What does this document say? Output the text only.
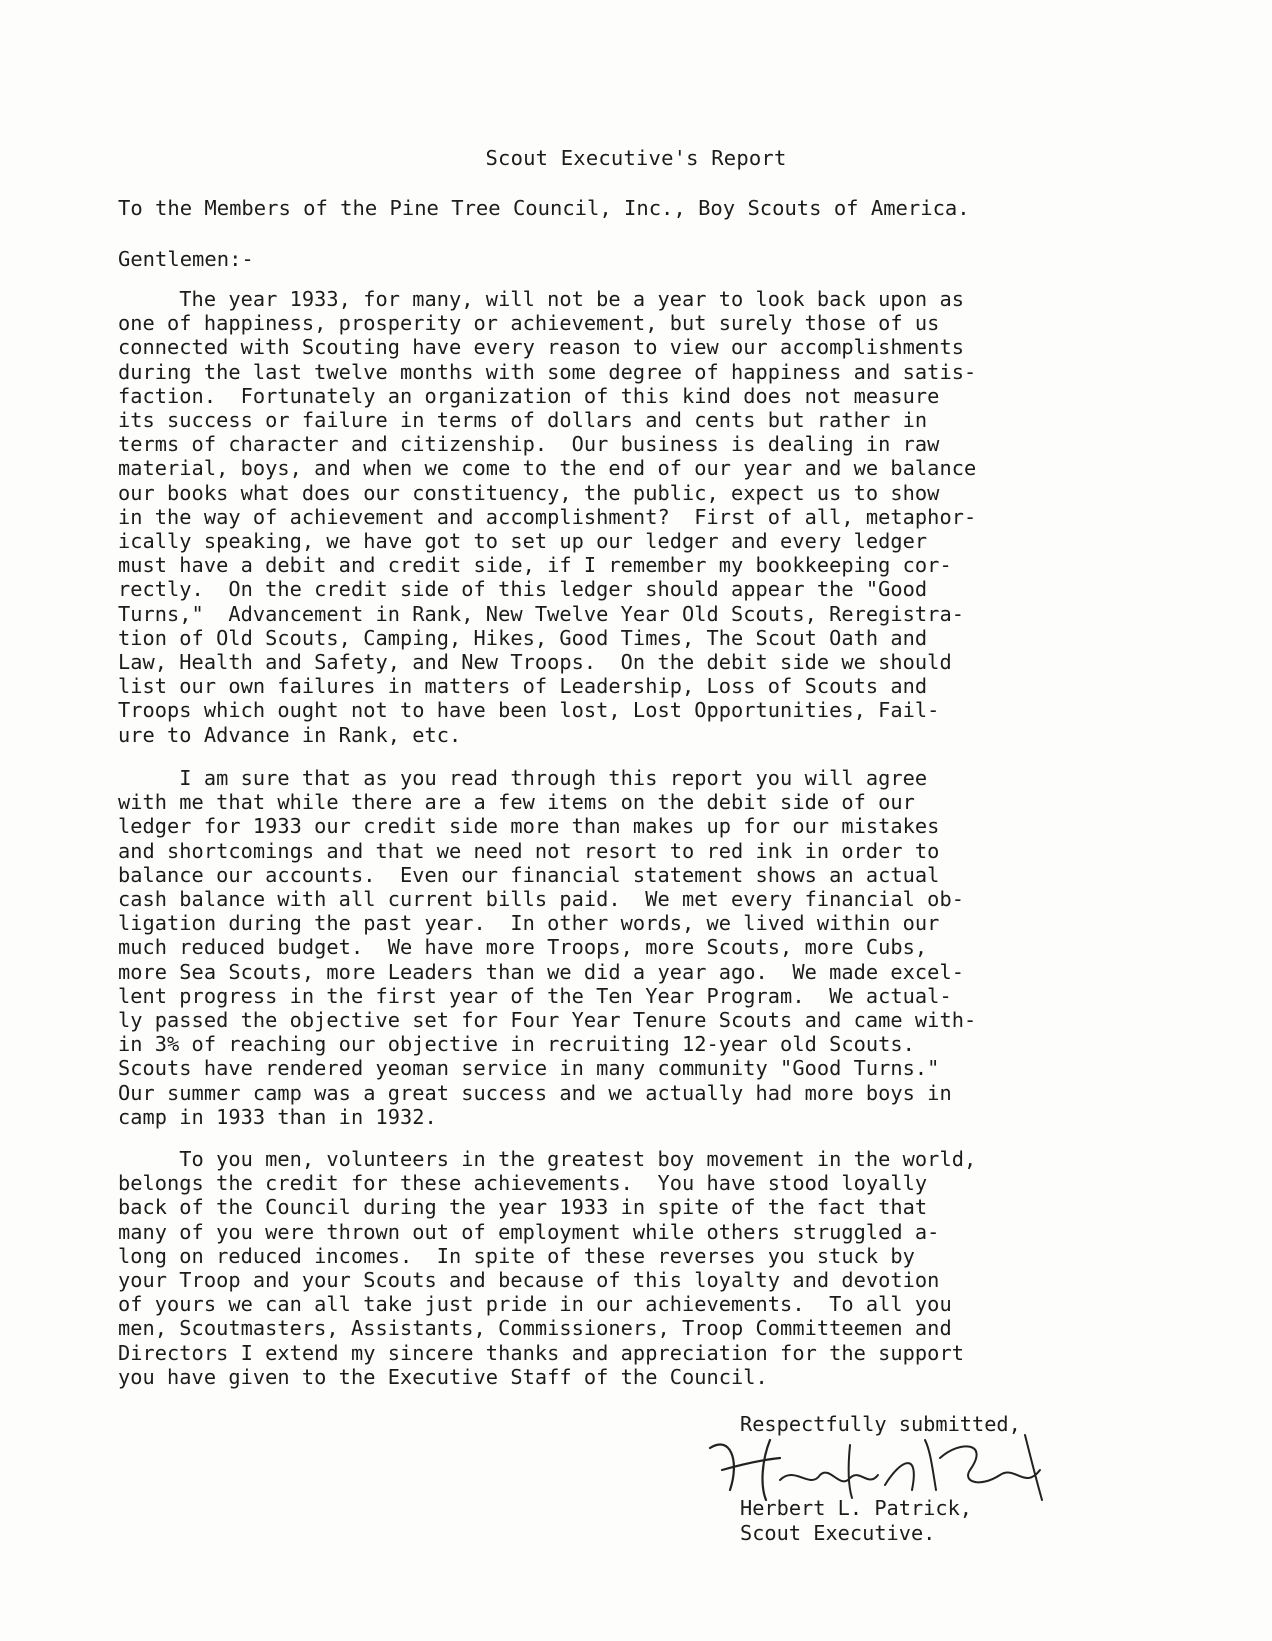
Scout Executive's Report
To the Members of the Pine Tree Council, Inc., Boy Scouts of America.
Gentlemen:-
The year 1933, for many, will not be a year to look back upon as
one of happiness, prosperity or achievement, but surely those of us
connected with Scouting have every reason to view our accomplishments
during the last twelve months with some degree of happiness and satis-
faction.  Fortunately an organization of this kind does not measure
its success or failure in terms of dollars and cents but rather in
terms of character and citizenship.  Our business is dealing in raw
material, boys, and when we come to the end of our year and we balance
our books what does our constituency, the public, expect us to show
in the way of achievement and accomplishment?  First of all, metaphor-
ically speaking, we have got to set up our ledger and every ledger
must have a debit and credit side, if I remember my bookkeeping cor-
rectly.  On the credit side of this ledger should appear the "Good
Turns,"  Advancement in Rank, New Twelve Year Old Scouts, Reregistra-
tion of Old Scouts, Camping, Hikes, Good Times, The Scout Oath and
Law, Health and Safety, and New Troops.  On the debit side we should
list our own failures in matters of Leadership, Loss of Scouts and
Troops which ought not to have been lost, Lost Opportunities, Fail-
ure to Advance in Rank, etc.
I am sure that as you read through this report you will agree
with me that while there are a few items on the debit side of our
ledger for 1933 our credit side more than makes up for our mistakes
and shortcomings and that we need not resort to red ink in order to
balance our accounts.  Even our financial statement shows an actual
cash balance with all current bills paid.  We met every financial ob-
ligation during the past year.  In other words, we lived within our
much reduced budget.  We have more Troops, more Scouts, more Cubs,
more Sea Scouts, more Leaders than we did a year ago.  We made excel-
lent progress in the first year of the Ten Year Program.  We actual-
ly passed the objective set for Four Year Tenure Scouts and came with-
in 3% of reaching our objective in recruiting 12-year old Scouts.
Scouts have rendered yeoman service in many community "Good Turns."
Our summer camp was a great success and we actually had more boys in
camp in 1933 than in 1932.
To you men, volunteers in the greatest boy movement in the world,
belongs the credit for these achievements.  You have stood loyally
back of the Council during the year 1933 in spite of the fact that
many of you were thrown out of employment while others struggled a-
long on reduced incomes.  In spite of these reverses you stuck by
your Troop and your Scouts and because of this loyalty and devotion
of yours we can all take just pride in our achievements.  To all you
men, Scoutmasters, Assistants, Commissioners, Troop Committeemen and
Directors I extend my sincere thanks and appreciation for the support
you have given to the Executive Staff of the Council.
Respectfully submitted,
Herbert L. Patrick,
Scout Executive.
